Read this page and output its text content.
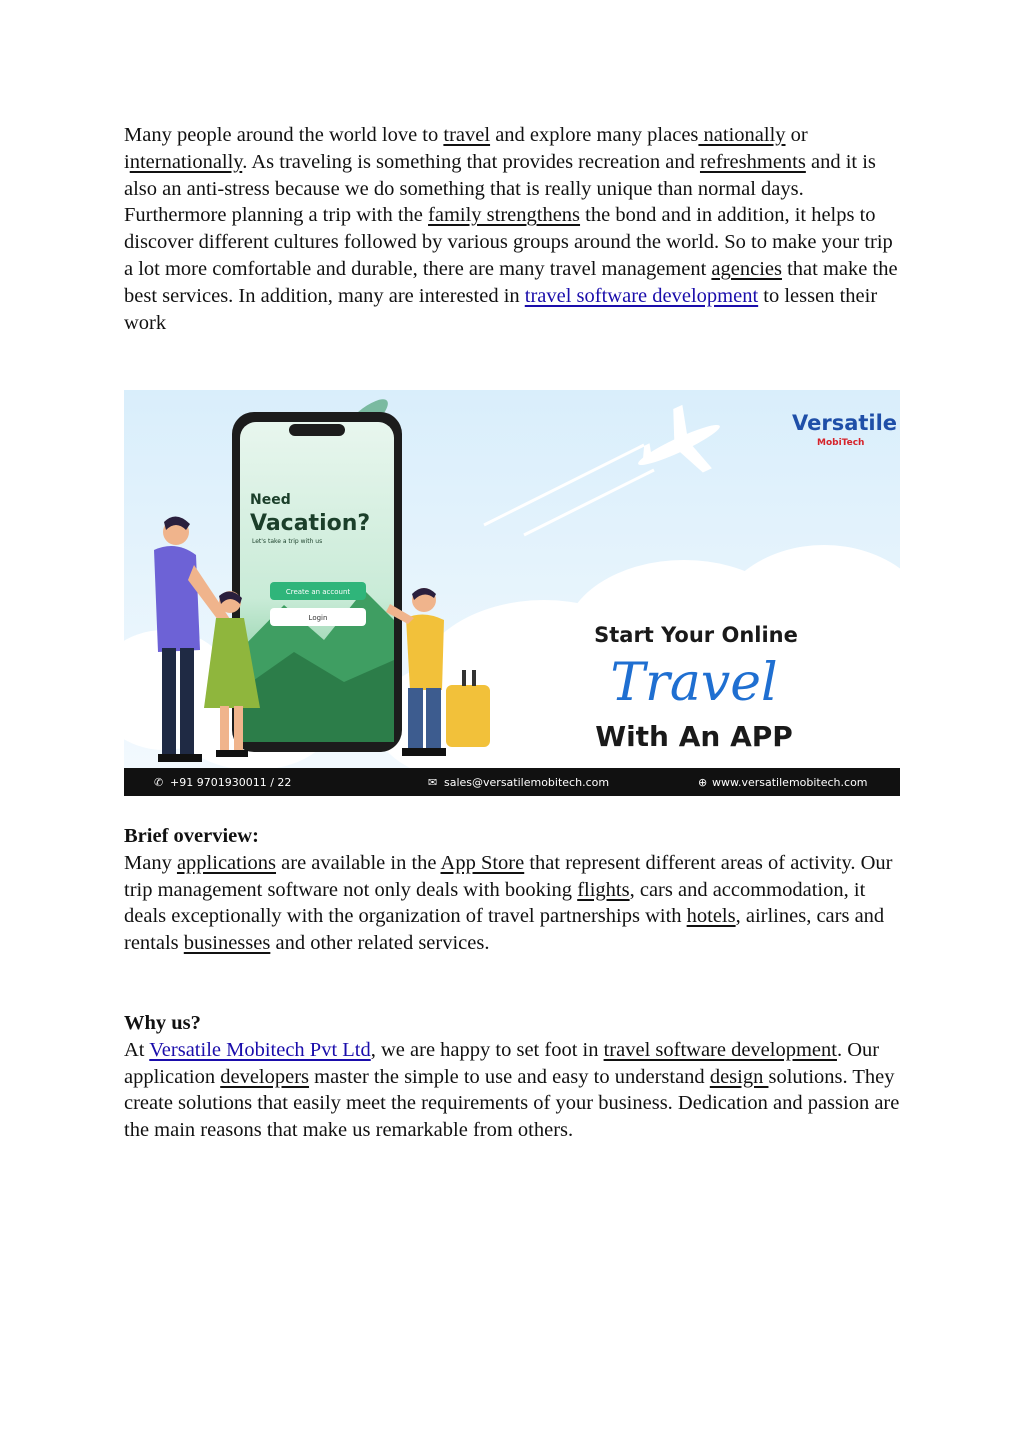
Many people around the world love to travel and explore many places nationally or internationally. As traveling is something that provides recreation and refreshments and it is also an anti-stress because we do something that is really unique than normal days. Furthermore planning a trip with the family strengthens the bond and in addition, it helps to discover different cultures followed by various groups around the world. So to make your trip a lot more comfortable and durable, there are many travel management agencies that make the best services. In addition, many are interested in travel software development to lessen their work

Versatile
MobiTech
Need
Vacation?
Let's take a trip with us
Create an account
Login
Start Your Online
Travel
With An APP
✆ +91 9701930011 / 22	✉ sales@versatilemobitech.com	⊕ www.versatilemobitech.com

Brief overview:

Many applications are available in the App Store that represent different areas of activity. Our trip management software not only deals with booking flights, cars and accommodation, it deals exceptionally with the organization of travel partnerships with hotels, airlines, cars and rentals businesses and other related services.

Why us?

At Versatile Mobitech Pvt Ltd, we are happy to set foot in travel software development. Our application developers master the simple to use and easy to understand design solutions. They create solutions that easily meet the requirements of your business. Dedication and passion are the main reasons that make us remarkable from others.
